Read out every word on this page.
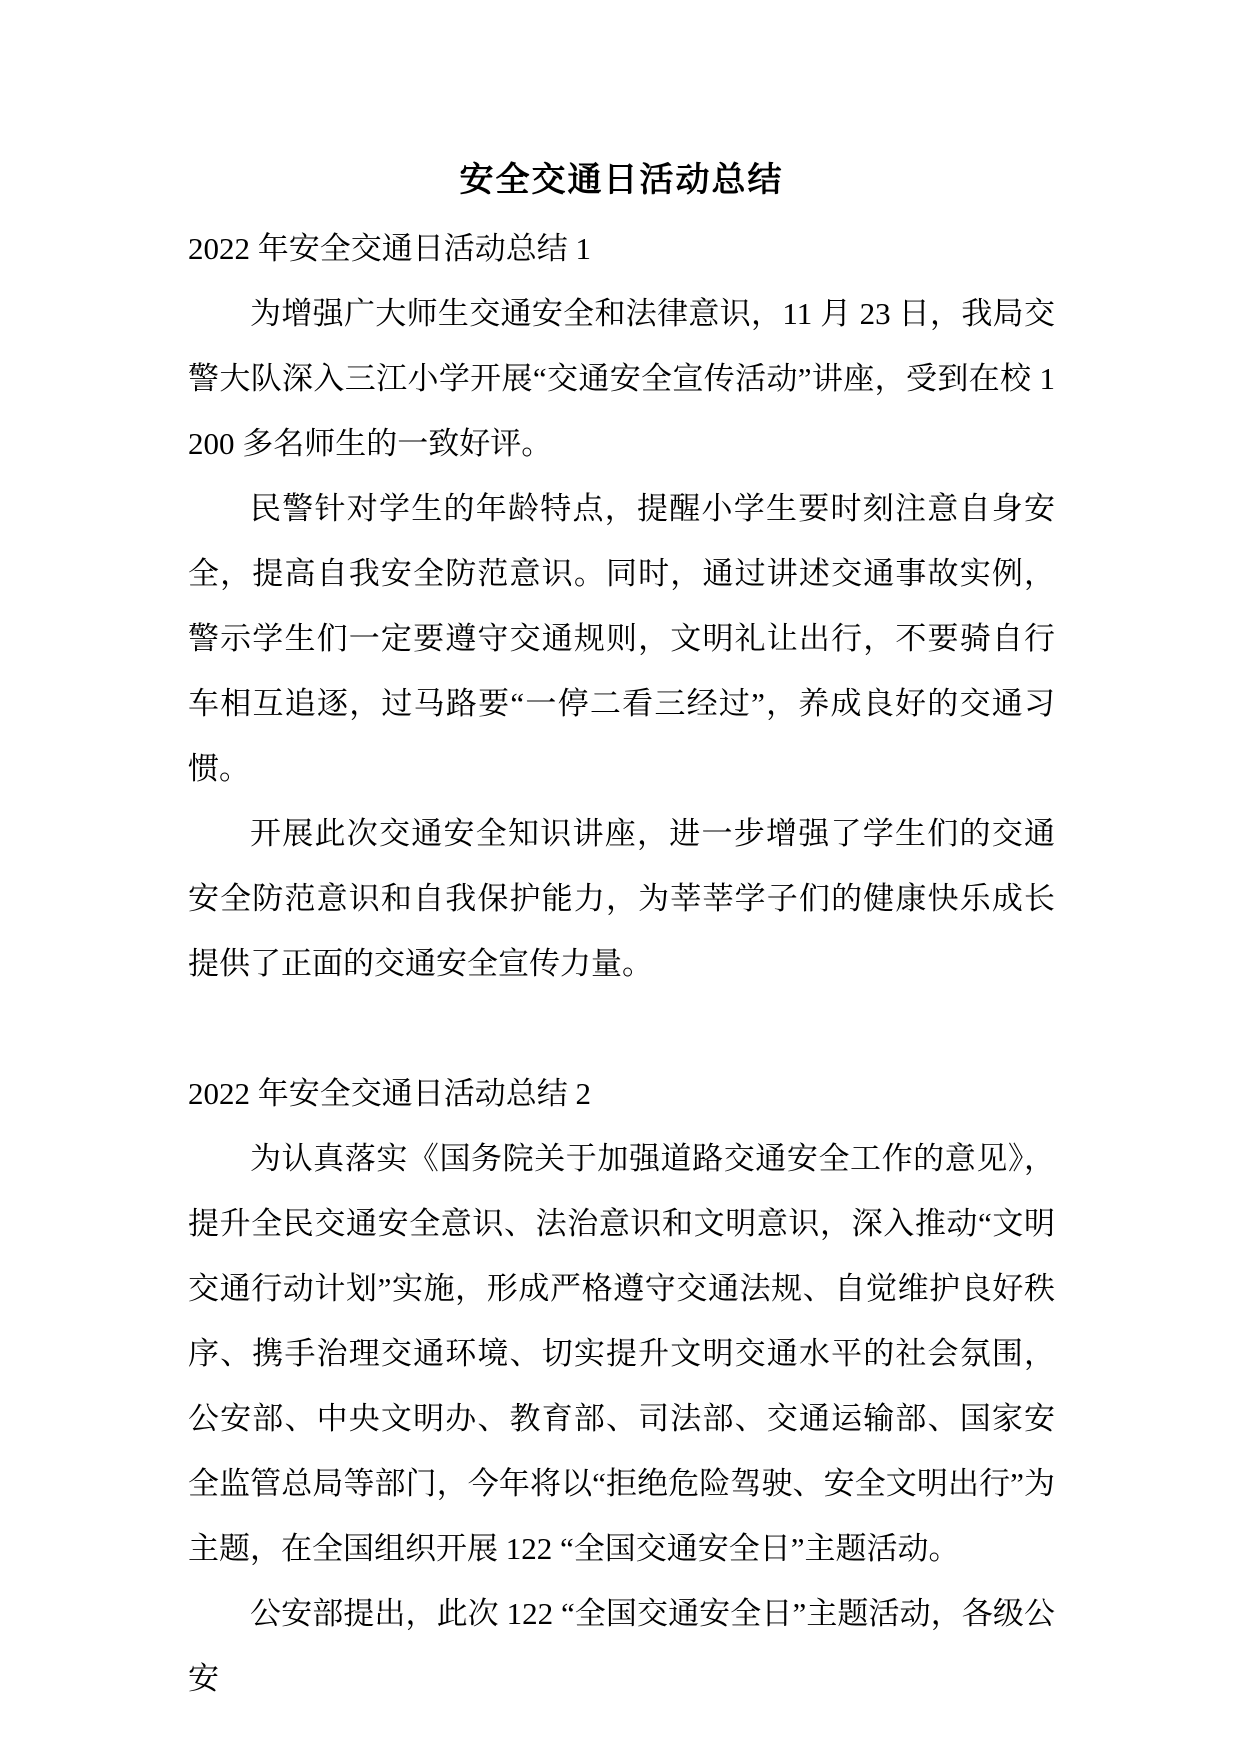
安全交通日活动总结

2022 年安全交通日活动总结 1

为增强广大师生交通安全和法律意识，11 月 23 日，我局交警大队深入三江小学开展“交通安全宣传活动”讲座，受到在校 1200 多名师生的一致好评。

民警针对学生的年龄特点，提醒小学生要时刻注意自身安全，提高自我安全防范意识。同时，通过讲述交通事故实例，警示学生们一定要遵守交通规则，文明礼让出行，不要骑自行车相互追逐，过马路要“一停二看三经过”，养成良好的交通习惯。

开展此次交通安全知识讲座，进一步增强了学生们的交通安全防范意识和自我保护能力，为莘莘学子们的健康快乐成长提供了正面的交通安全宣传力量。

2022 年安全交通日活动总结 2

为认真落实《国务院关于加强道路交通安全工作的意见》，提升全民交通安全意识、法治意识和文明意识，深入推动“文明交通行动计划”实施，形成严格遵守交通法规、自觉维护良好秩序、携手治理交通环境、切实提升文明交通水平的社会氛围，公安部、中央文明办、教育部、司法部、交通运输部、国家安全监管总局等部门，今年将以“拒绝危险驾驶、安全文明出行”为主题，在全国组织开展 122 “全国交通安全日”主题活动。

公安部提出，此次 122 “全国交通安全日”主题活动，各级公安
